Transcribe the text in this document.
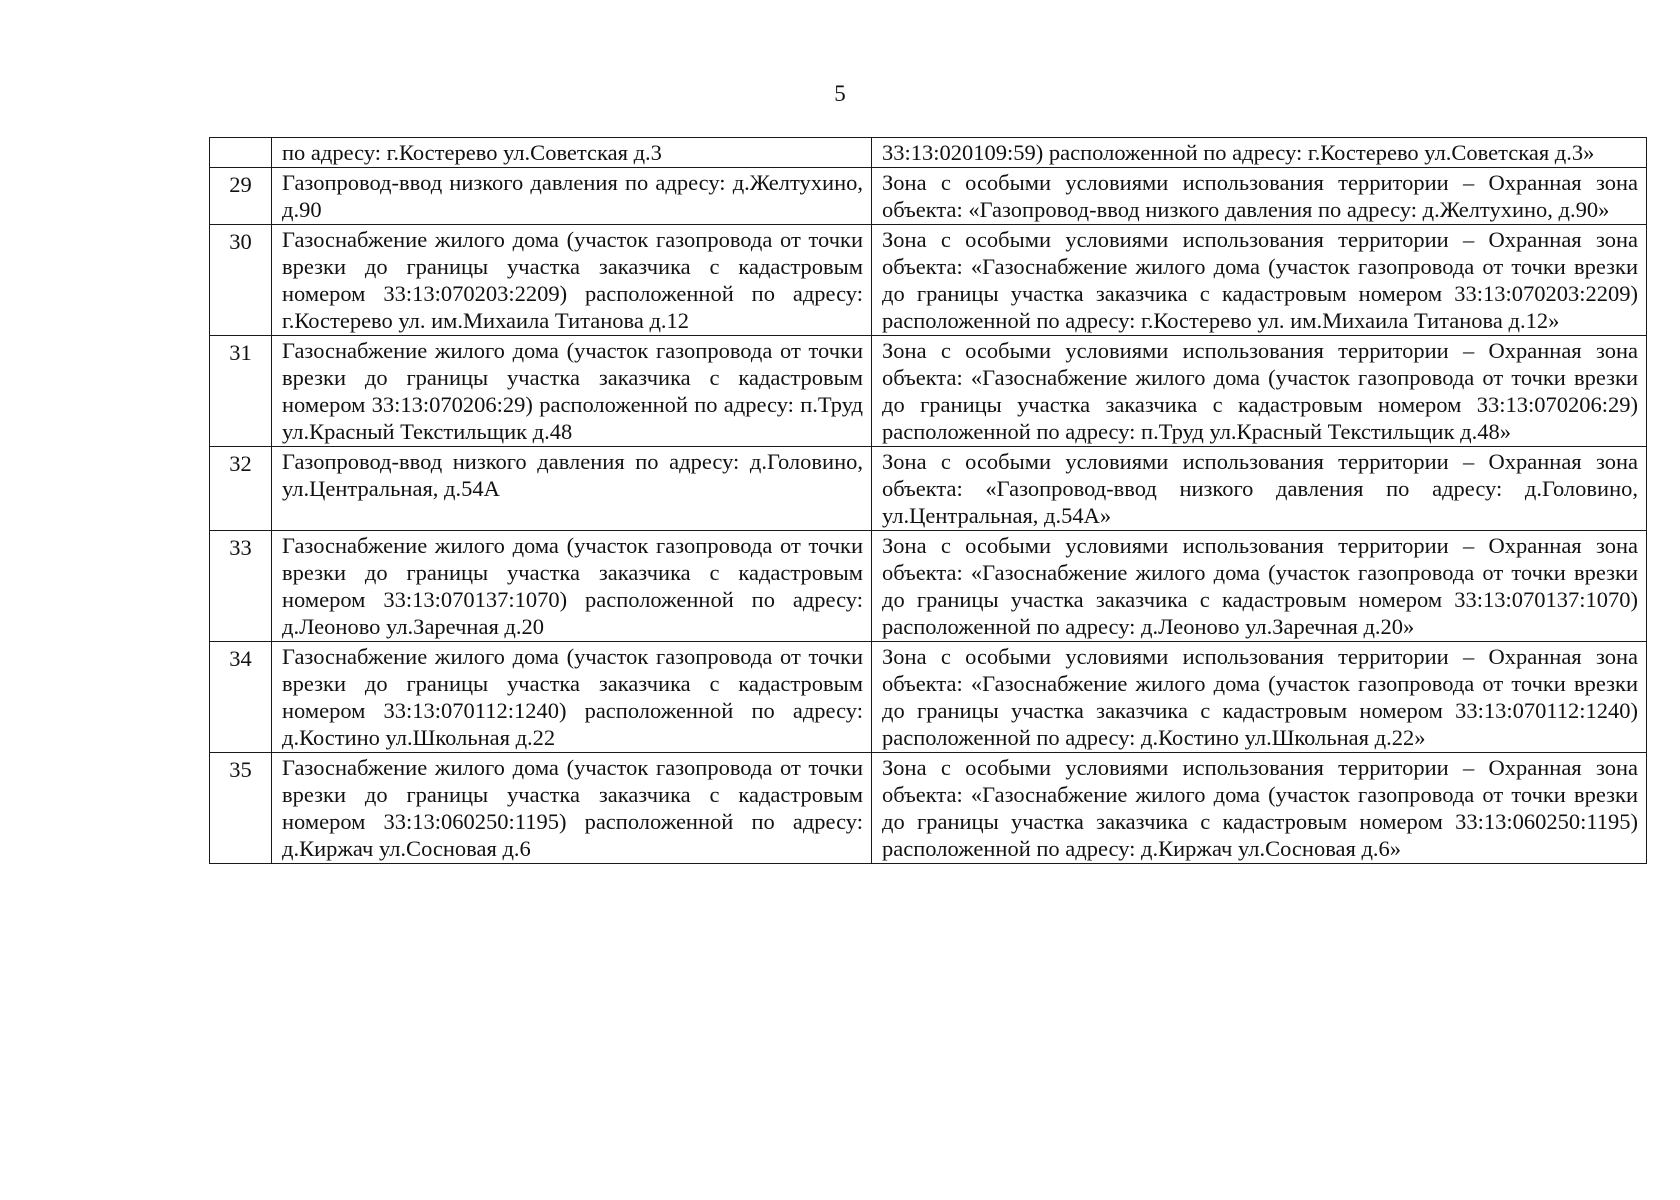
5
	по адресу: г.Костерево ул.Советская д.3	33:13:020109:59) расположенной по адресу: г.Костерево ул.Советская д.3»
29	Газопровод-ввод низкого давления по адресу: д.Желтухино, д.90	Зона с особыми условиями использования территории – Охранная зона объекта: «Газопровод-ввод низкого давления по адресу: д.Желтухино, д.90»
30	Газоснабжение жилого дома (участок газопровода от точки врезки до границы участка заказчика с кадастровым номером 33:13:070203:2209) расположенной по адресу: г.Костерево ул. им.Михаила Титанова д.12	Зона с особыми условиями использования территории – Охранная зона объекта: «Газоснабжение жилого дома (участок газопровода от точки врезки до границы участка заказчика с кадастровым номером 33:13:070203:2209) расположенной по адресу: г.Костерево ул. им.Михаила Титанова д.12»
31	Газоснабжение жилого дома (участок газопровода от точки врезки до границы участка заказчика с кадастровым номером 33:13:070206:29) расположенной по адресу: п.Труд ул.Красный Текстильщик д.48	Зона с особыми условиями использования территории – Охранная зона объекта: «Газоснабжение жилого дома (участок газопровода от точки врезки до границы участка заказчика с кадастровым номером 33:13:070206:29) расположенной по адресу: п.Труд ул.Красный Текстильщик д.48»
32	Газопровод-ввод низкого давления по адресу: д.Головино, ул.Центральная, д.54А	Зона с особыми условиями использования территории – Охранная зона объекта: «Газопровод-ввод низкого давления по адресу: д.Головино, ул.Центральная, д.54А»
33	Газоснабжение жилого дома (участок газопровода от точки врезки до границы участка заказчика с кадастровым номером 33:13:070137:1070) расположенной по адресу: д.Леоново ул.Заречная д.20	Зона с особыми условиями использования территории – Охранная зона объекта: «Газоснабжение жилого дома (участок газопровода от точки врезки до границы участка заказчика с кадастровым номером 33:13:070137:1070) расположенной по адресу: д.Леоново ул.Заречная д.20»
34	Газоснабжение жилого дома (участок газопровода от точки врезки до границы участка заказчика с кадастровым номером 33:13:070112:1240) расположенной по адресу: д.Костино ул.Школьная д.22	Зона с особыми условиями использования территории – Охранная зона объекта: «Газоснабжение жилого дома (участок газопровода от точки врезки до границы участка заказчика с кадастровым номером 33:13:070112:1240) расположенной по адресу: д.Костино ул.Школьная д.22»
35	Газоснабжение жилого дома (участок газопровода от точки врезки до границы участка заказчика с кадастровым номером 33:13:060250:1195) расположенной по адресу: д.Киржач ул.Сосновая д.6	Зона с особыми условиями использования территории – Охранная зона объекта: «Газоснабжение жилого дома (участок газопровода от точки врезки до границы участка заказчика с кадастровым номером 33:13:060250:1195) расположенной по адресу: д.Киржач ул.Сосновая д.6»
